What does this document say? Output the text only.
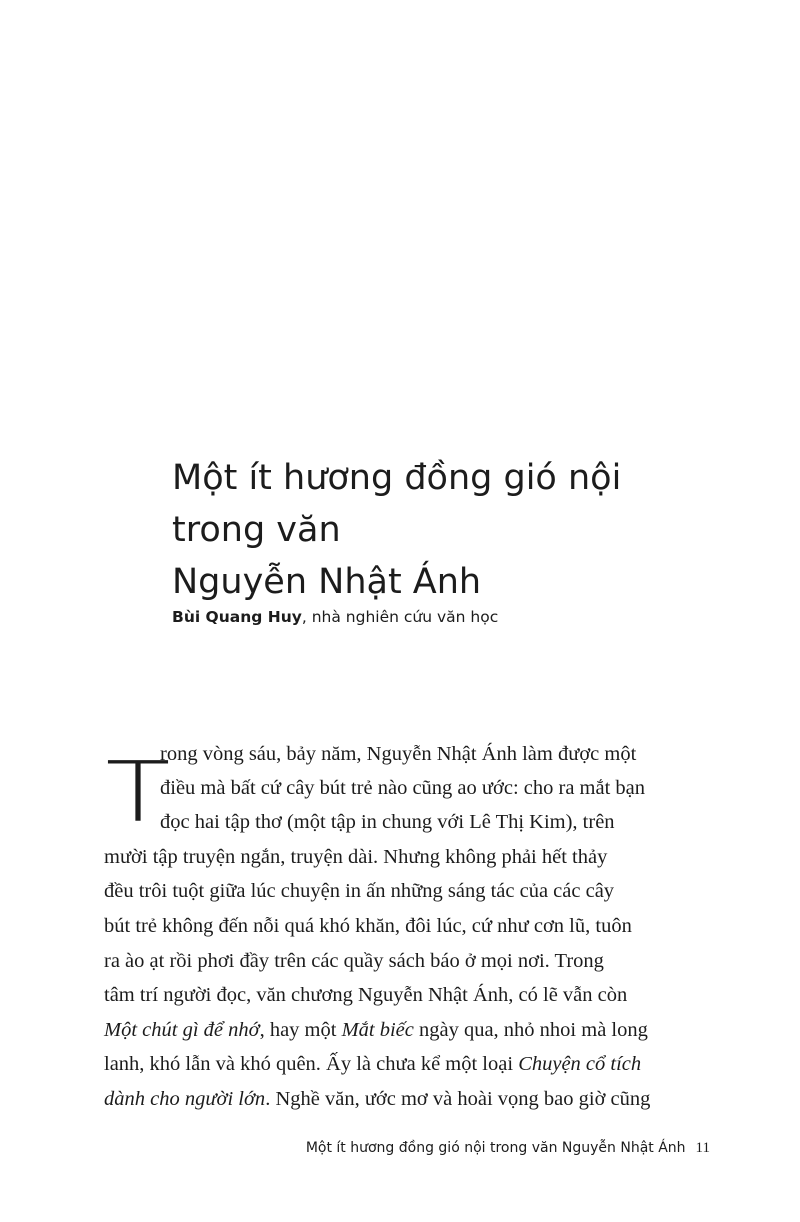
Một ít hương đồng gió nội
trong văn
Nguyễn Nhật Ánh
Bùi Quang Huy, nhà nghiên cứu văn học
T
rong vòng sáu, bảy năm, Nguyễn Nhật Ánh làm được một
điều mà bất cứ cây bút trẻ nào cũng ao ước: cho ra mắt bạn
đọc hai tập thơ (một tập in chung với Lê Thị Kim), trên
mười tập truyện ngắn, truyện dài. Nhưng không phải hết thảy
đều trôi tuột giữa lúc chuyện in ấn những sáng tác của các cây
bút trẻ không đến nỗi quá khó khăn, đôi lúc, cứ như cơn lũ, tuôn
ra ào ạt rồi phơi đầy trên các quầy sách báo ở mọi nơi. Trong
tâm trí người đọc, văn chương Nguyễn Nhật Ánh, có lẽ vẫn còn
Một chút gì để nhớ, hay một Mắt biếc ngày qua, nhỏ nhoi mà long
lanh, khó lẫn và khó quên. Ấy là chưa kể một loại Chuyện cổ tích
dành cho người lớn. Nghề văn, ước mơ và hoài vọng bao giờ cũng
Một ít hương đồng gió nội trong văn Nguyễn Nhật Ánh 11
